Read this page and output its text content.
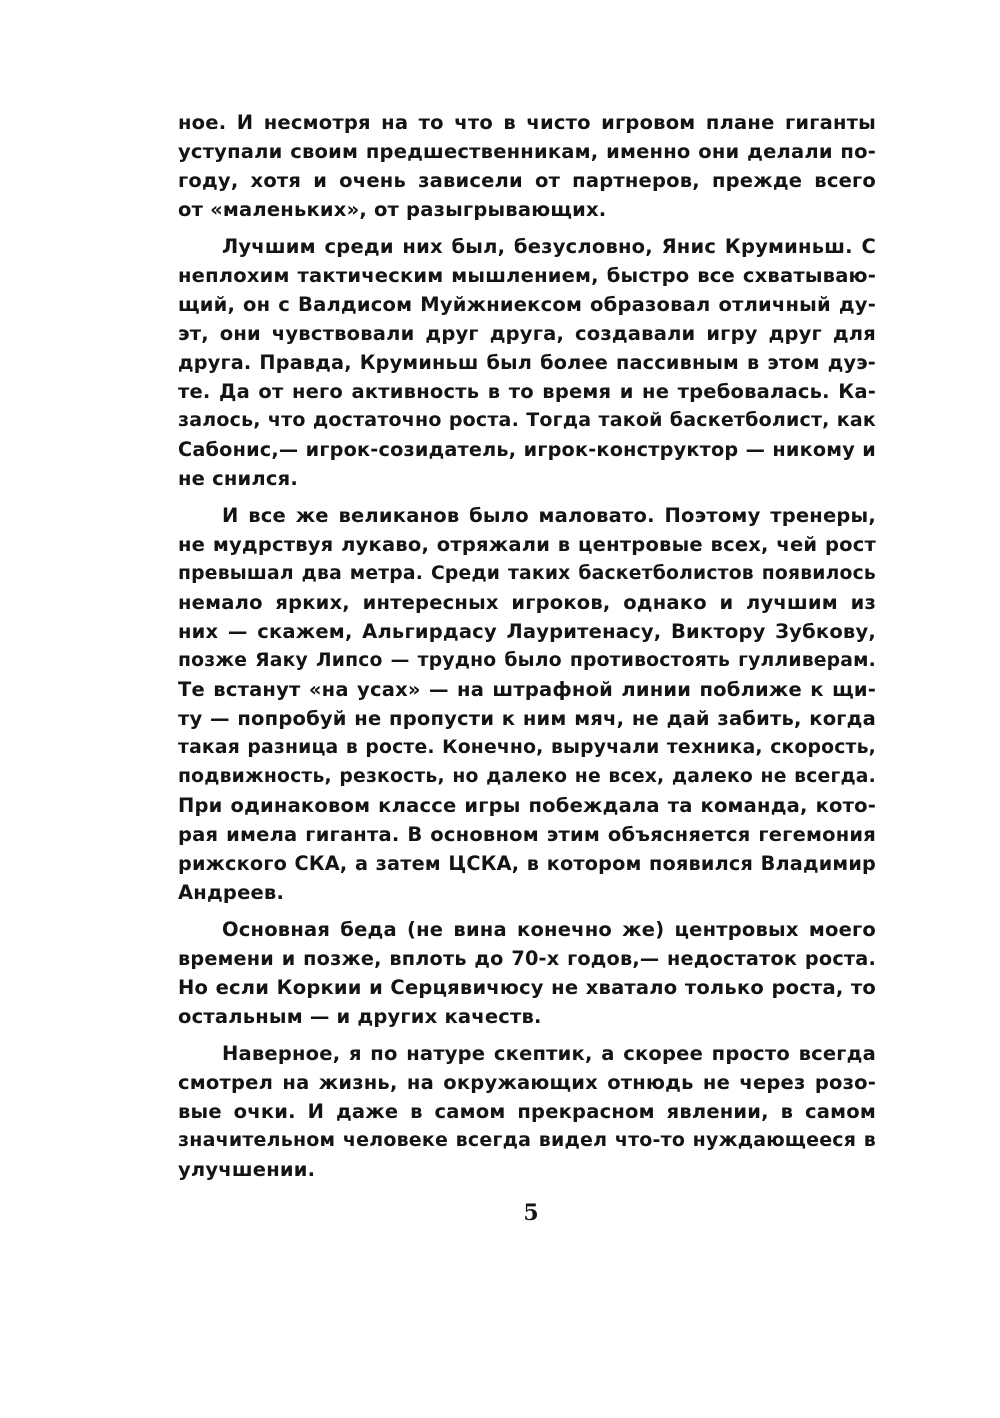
ное. И несмотря на то что в чисто игровом плане гиганты
уступали своим предшественникам, именно они делали по-
году, хотя и очень зависели от партнеров, прежде всего
от «маленьких», от разыгрывающих.
Лучшим среди них был, безусловно, Янис Круминьш. С
неплохим тактическим мышлением, быстро все схватываю-
щий, он с Валдисом Муйжниексом образовал отличный ду-
эт, они чувствовали друг друга, создавали игру друг для
друга. Правда, Круминьш был более пассивным в этом дуэ-
те. Да от него активность в то время и не требовалась. Ка-
залось, что достаточно роста. Тогда такой баскетболист, как
Сабонис,— игрок-созидатель, игрок-конструктор — никому и
не снился.
И все же великанов было маловато. Поэтому тренеры,
не мудрствуя лукаво, отряжали в центровые всех, чей рост
превышал два метра. Среди таких баскетболистов появилось
немало ярких, интересных игроков, однако и лучшим из
них — скажем, Альгирдасу Лауритенасу, Виктору Зубкову,
позже Яаку Липсо — трудно было противостоять гулливерам.
Те встанут «на усах» — на штрафной линии поближе к щи-
ту — попробуй не пропусти к ним мяч, не дай забить, когда
такая разница в росте. Конечно, выручали техника, скорость,
подвижность, резкость, но далеко не всех, далеко не всегда.
При одинаковом классе игры побеждала та команда, кото-
рая имела гиганта. В основном этим объясняется гегемония
рижского СКА, а затем ЦСКА, в котором появился Владимир
Андреев.
Основная беда (не вина конечно же) центровых моего
времени и позже, вплоть до 70-х годов,— недостаток роста.
Но если Коркии и Серцявичюсу не хватало только роста, то
остальным — и других качеств.
Наверное, я по натуре скептик, а скорее просто всегда
смотрел на жизнь, на окружающих отнюдь не через розо-
вые очки. И даже в самом прекрасном явлении, в самом
значительном человеке всегда видел что-то нуждающееся в
улучшении.
5
